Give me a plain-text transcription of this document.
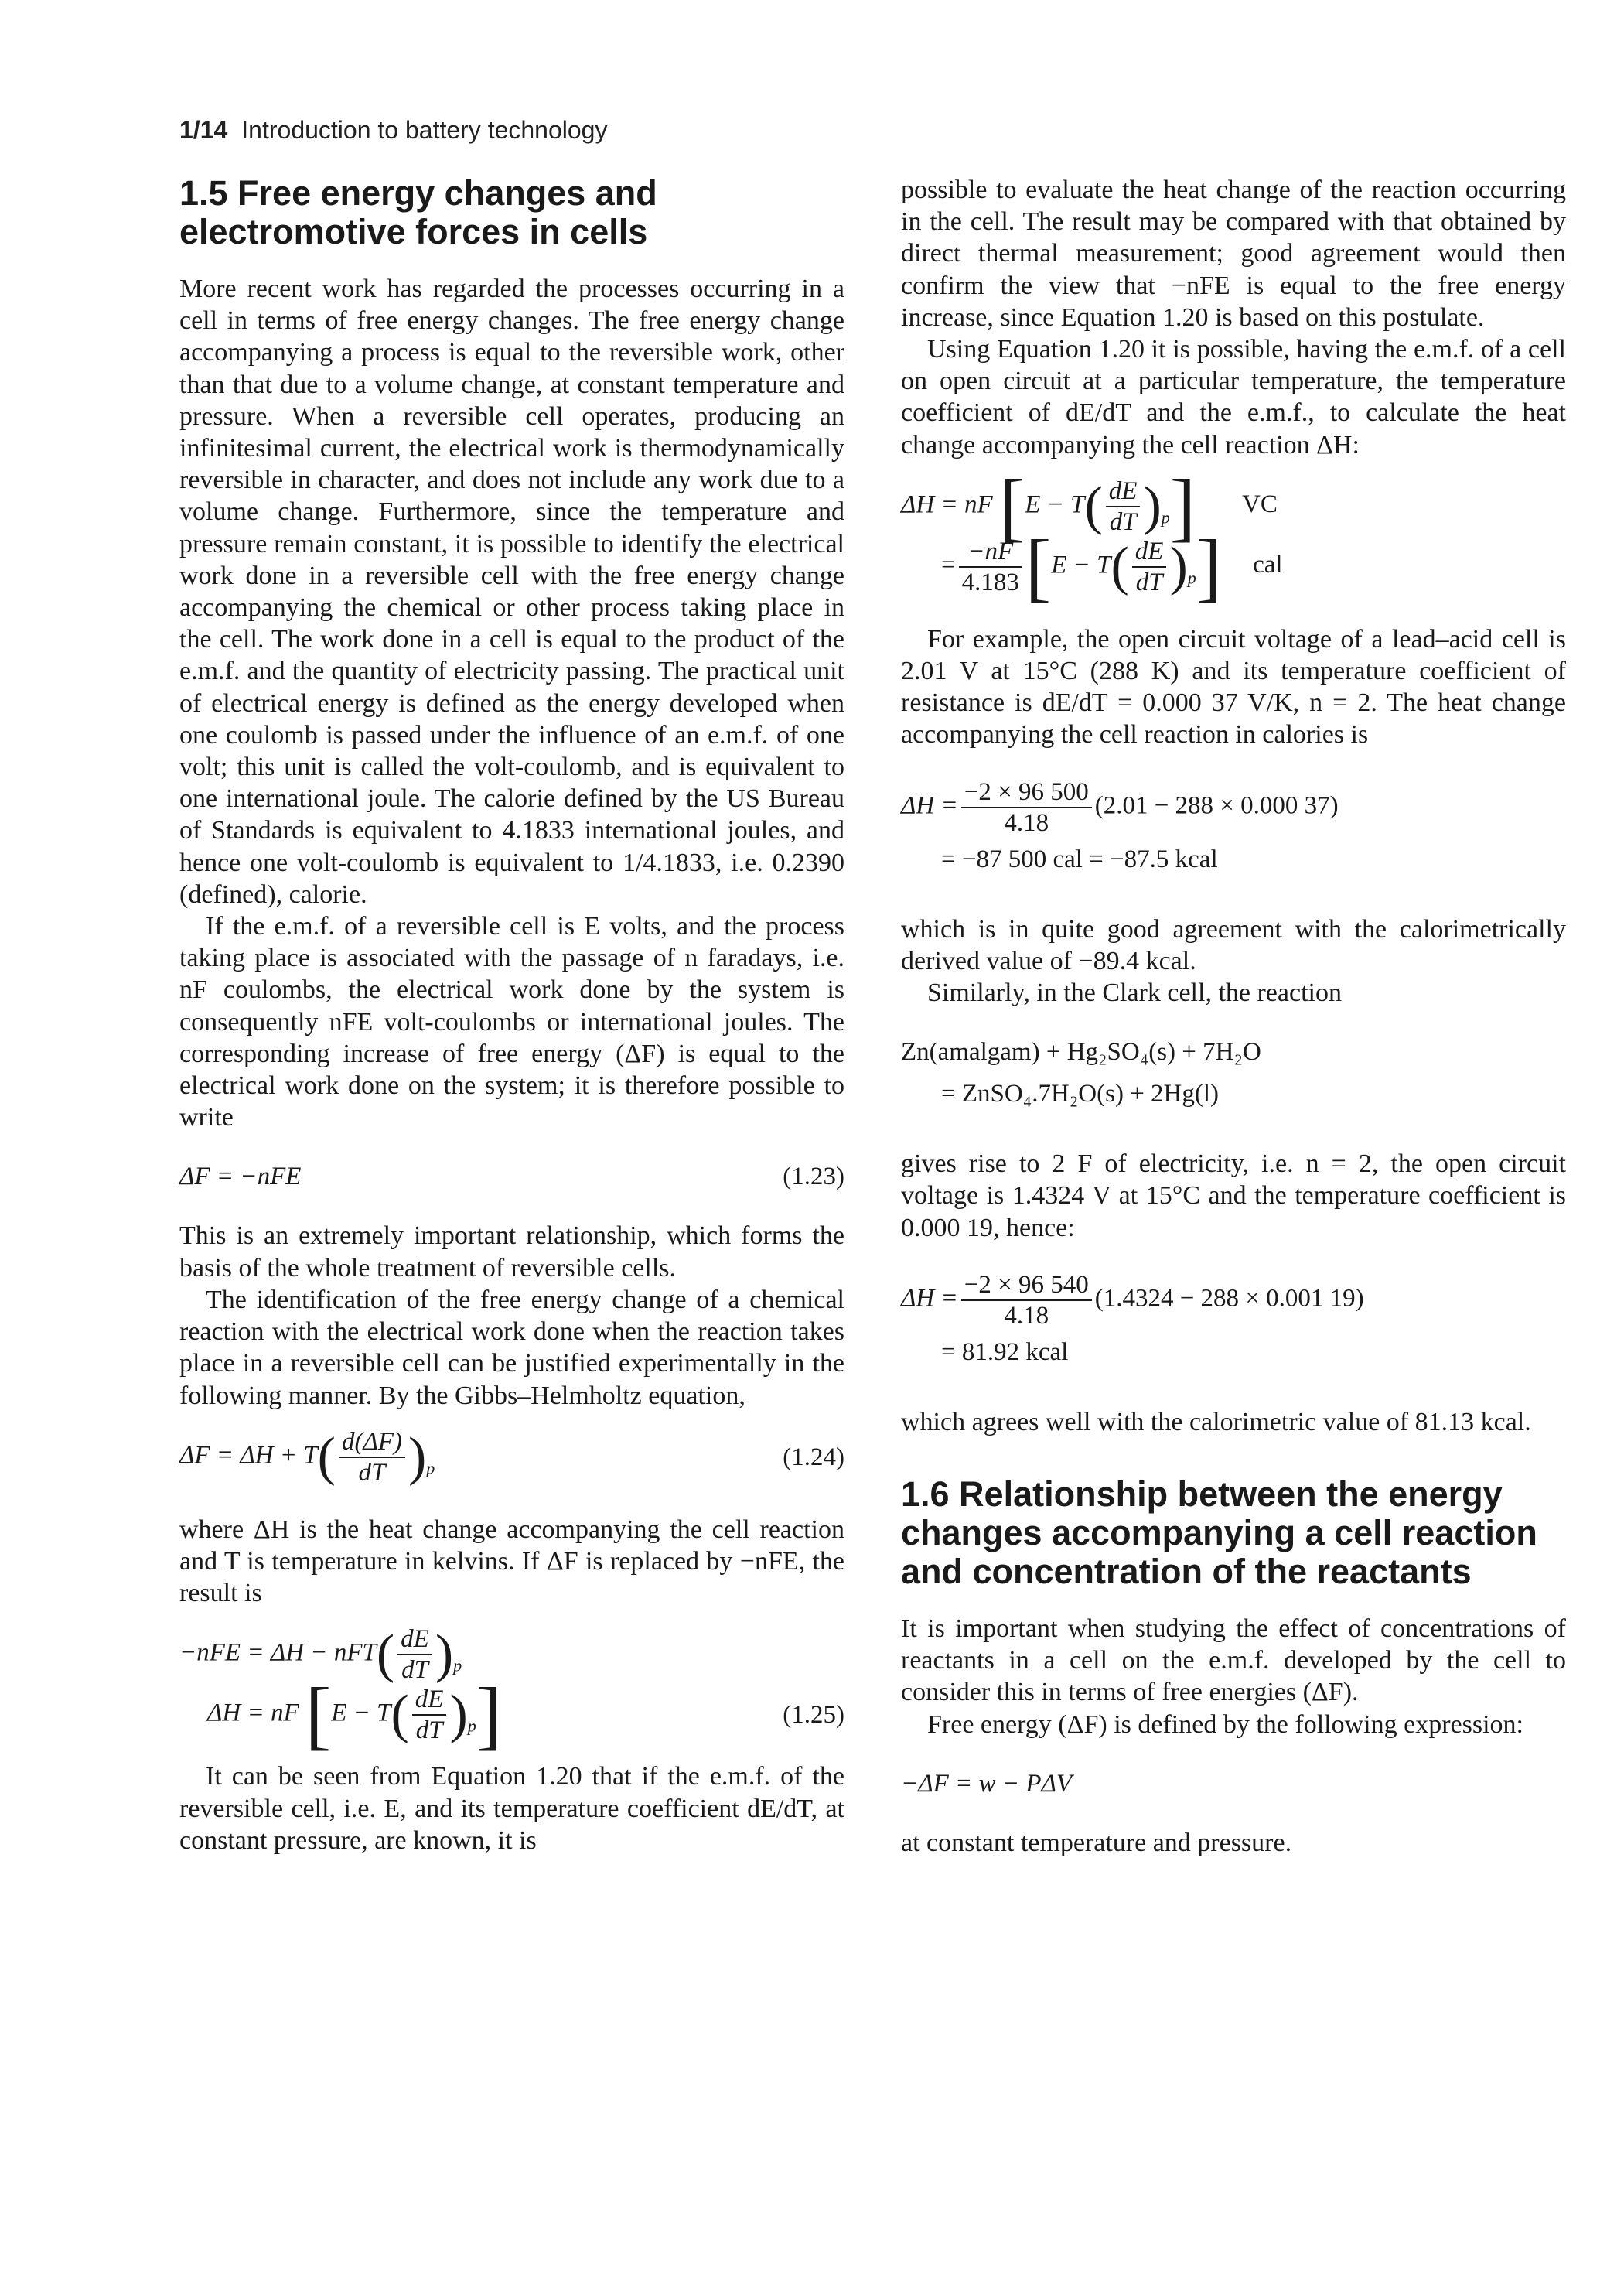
1/14 Introduction to battery technology
1.5 Free energy changes and electromotive forces in cells

More recent work has regarded the processes occurring in a cell in terms of free energy changes. The free energy change accompanying a process is equal to the reversible work, other than that due to a volume change, at constant temperature and pressure. When a reversible cell operates, producing an infinitesimal current, the electrical work is thermodynamically reversible in character, and does not include any work due to a volume change. Furthermore, since the temperature and pressure remain constant, it is possible to identify the electrical work done in a reversible cell with the free energy change accompanying the chemical or other process taking place in the cell. The work done in a cell is equal to the product of the e.m.f. and the quantity of electricity passing. The practical unit of electrical energy is defined as the energy developed when one coulomb is passed under the influence of an e.m.f. of one volt; this unit is called the volt-coulomb, and is equivalent to one international joule. The calorie defined by the US Bureau of Standards is equivalent to 4.1833 international joules, and hence one volt-coulomb is equivalent to 1/4.1833, i.e. 0.2390 (defined), calorie.

If the e.m.f. of a reversible cell is E volts, and the process taking place is associated with the passage of n faradays, i.e. nF coulombs, the electrical work done by the system is consequently nFE volt-coulombs or international joules. The corresponding increase of free energy (ΔF) is equal to the electrical work done on the system; it is therefore possible to write

ΔF = −nFE	(1.23)

This is an extremely important relationship, which forms the basis of the whole treatment of reversible cells.

The identification of the free energy change of a chemical reaction with the electrical work done when the reaction takes place in a reversible cell can be justified experimentally in the following manner. By the Gibbs–Helmholtz equation,

$\Delta F = \Delta H + T( \frac{d(\Delta F)}{dT} )_p$	(1.24)

where ΔH is the heat change accompanying the cell reaction and T is temperature in kelvins. If ΔF is replaced by −nFE, the result is

$-nFE = \Delta H - nFT( \frac{dE}{dT} )_p$
ΔH = nF $[E - T( \frac{dE}{dT} )_p]$	(1.25)

It can be seen from Equation 1.20 that if the e.m.f. of the reversible cell, i.e. E, and its temperature coefficient dE/dT, at constant pressure, are known, it is

possible to evaluate the heat change of the reaction occurring in the cell. The result may be compared with that obtained by direct thermal measurement; good agreement would then confirm the view that −nFE is equal to the free energy increase, since Equation 1.20 is based on this postulate.

Using Equation 1.20 it is possible, having the e.m.f. of a cell on open circuit at a particular temperature, the temperature coefficient of dE/dT and the e.m.f., to calculate the heat change accompanying the cell reaction ΔH:

ΔH = nF $[E - T( \frac{dE}{dT} )_p]$ VC
= $\frac{-nF}{4.183} [E - T( \frac{dE}{dT} )_p]$ cal

For example, the open circuit voltage of a lead–acid cell is 2.01 V at 15°C (288 K) and its temperature coefficient of resistance is dE/dT = 0.000 37 V/K, n = 2. The heat change accompanying the cell reaction in calories is

$\Delta H = \frac{-2 \times 96 500}{4.18} (2.01 - 288 \times 0.000$ 37)
= −87 500 cal = −87.5 kcal

which is in quite good agreement with the calorimetrically derived value of −89.4 kcal.

Similarly, in the Clark cell, the reaction

Zn(amalgam) + Hg₂SO₄(s) + 7H₂O
= ZnSO₄.7H₂O(s) + 2Hg(l)

gives rise to 2 F of electricity, i.e. n = 2, the open circuit voltage is 1.4324 V at 15°C and the temperature coefficient is 0.000 19, hence:

$\Delta H = \frac{-2 \times 96 540}{4.18} (1.4324 - 288 \times 0.001$ 19)
= 81.92 kcal

which agrees well with the calorimetric value of 81.13 kcal.

1.6 Relationship between the energy changes accompanying a cell reaction and concentration of the reactants

It is important when studying the effect of concentrations of reactants in a cell on the e.m.f. developed by the cell to consider this in terms of free energies (ΔF).

Free energy (ΔF) is defined by the following expression:

−ΔF = w − PΔV

at constant temperature and pressure.
